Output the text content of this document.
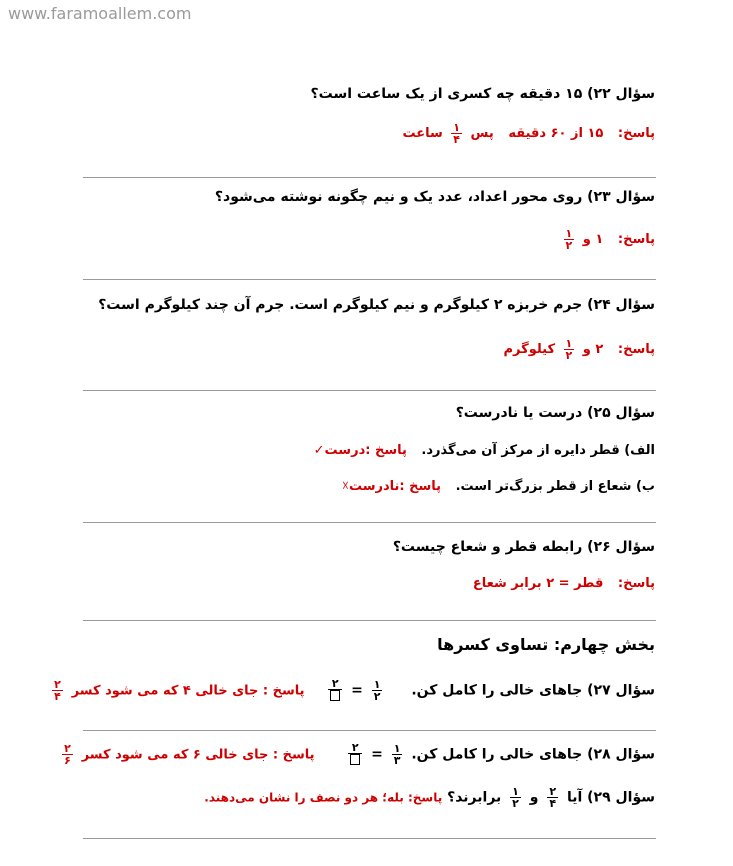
www.faramoallem.com
سؤال ۲۲) ۱۵ دقیقه چه کسری از یک ساعت است؟
پاسخ: ۱۵ از ۶۰ دقیقه پس
$\frac{۱}{۴}$
ساعت
سؤال ۲۳) روی محور اعداد، عدد یک و نیم چگونه نوشته می‌شود؟
پاسخ: ۱ و
$\frac{۱}{۲}$
سؤال ۲۴) جرم خربزه ۲ کیلوگرم و نیم کیلوگرم است. جرم آن چند کیلوگرم است؟
پاسخ: ۲ و
$\frac{۱}{۲}$
کیلوگرم
سؤال ۲۵) درست یا نادرست؟
الف) قطر دایره از مرکز آن می‌گذرد. پاسخ :درست✓
ب) شعاع از قطر بزرگ‌تر است. پاسخ :نادرست☓
سؤال ۲۶) رابطه قطر و شعاع چیست؟
پاسخ: قطر = ۲ برابر شعاع
بخش چهارم: تساوی کسرها
سؤال ۲۷) جاهای خالی را کامل کن.
$\frac{۱}{۲}$
=
۲
پاسخ : جای خالی ۴ که می شود کسر
$\frac{۲}{۴}$
سؤال ۲۸) جاهای خالی را کامل کن.
$\frac{۱}{۳}$
=
۲
پاسخ : جای خالی ۶ که می شود کسر
$\frac{۲}{۶}$
سؤال ۲۹) آیا
$\frac{۲}{۴}$
و
$\frac{۱}{۲}$
برابرند؟ پاسخ: بله؛ هر دو نصف را نشان می‌دهند.
